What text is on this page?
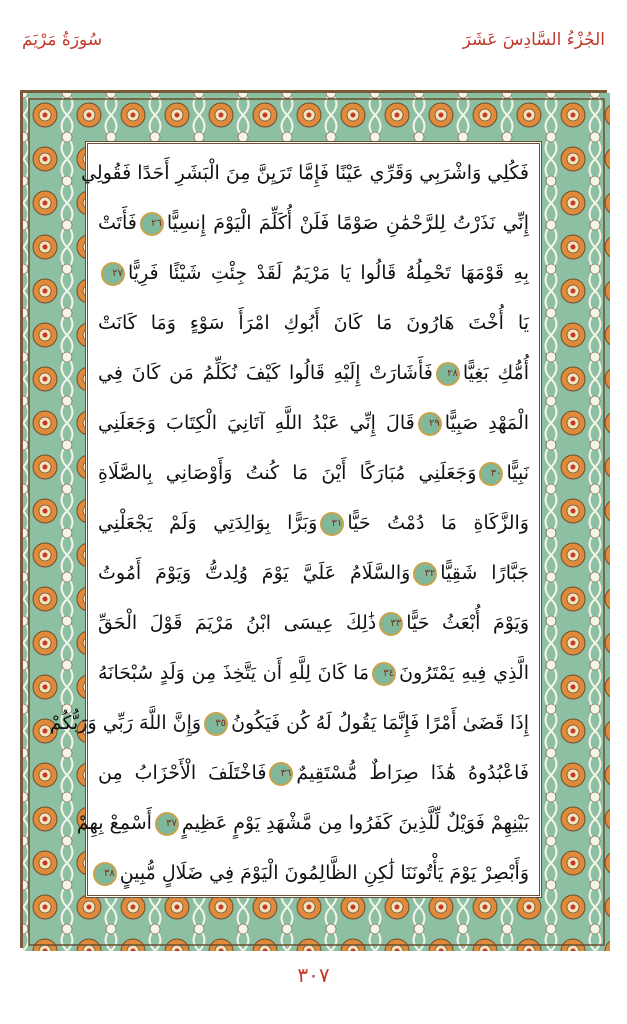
الجُزْءُ السَّادِسَ عَشَرَ
سُورَةُ مَرْيَمَ
فَكُلِي وَاشْرَبِي وَقَرِّي عَيْنًا فَإِمَّا تَرَيِنَّ مِنَ الْبَشَرِ أَحَدًا فَقُولِي
إِنِّي نَذَرْتُ لِلرَّحْمَٰنِ صَوْمًا فَلَنْ أُكَلِّمَ الْيَوْمَ إِنسِيًّا٢٦فَأَتَتْ
بِهِ قَوْمَهَا تَحْمِلُهُ قَالُوا يَا مَرْيَمُ لَقَدْ جِئْتِ شَيْئًا فَرِيًّا٢٧
يَا أُخْتَ هَارُونَ مَا كَانَ أَبُوكِ امْرَأَ سَوْءٍ وَمَا كَانَتْ
أُمُّكِ بَغِيًّا٢٨فَأَشَارَتْ إِلَيْهِ قَالُوا كَيْفَ نُكَلِّمُ مَن كَانَ فِي
الْمَهْدِ صَبِيًّا٢٩قَالَ إِنِّي عَبْدُ اللَّهِ آتَانِيَ الْكِتَابَ وَجَعَلَنِي
نَبِيًّا٣٠وَجَعَلَنِي مُبَارَكًا أَيْنَ مَا كُنتُ وَأَوْصَانِي بِالصَّلَاةِ
وَالزَّكَاةِ مَا دُمْتُ حَيًّا٣١وَبَرًّا بِوَالِدَتِي وَلَمْ يَجْعَلْنِي
جَبَّارًا شَقِيًّا٣٢وَالسَّلَامُ عَلَيَّ يَوْمَ وُلِدتُّ وَيَوْمَ أَمُوتُ
وَيَوْمَ أُبْعَثُ حَيًّا٣٣ذَٰلِكَ عِيسَى ابْنُ مَرْيَمَ قَوْلَ الْحَقِّ
الَّذِي فِيهِ يَمْتَرُونَ٣٤مَا كَانَ لِلَّهِ أَن يَتَّخِذَ مِن وَلَدٍ سُبْحَانَهُ
إِذَا قَضَىٰ أَمْرًا فَإِنَّمَا يَقُولُ لَهُ كُن فَيَكُونُ٣٥وَإِنَّ اللَّهَ رَبِّي وَرَبُّكُمْ
فَاعْبُدُوهُ هَٰذَا صِرَاطٌ مُّسْتَقِيمٌ٣٦فَاخْتَلَفَ الْأَحْزَابُ مِن
بَيْنِهِمْ فَوَيْلٌ لِّلَّذِينَ كَفَرُوا مِن مَّشْهَدِ يَوْمٍ عَظِيمٍ٣٧أَسْمِعْ بِهِمْ
وَأَبْصِرْ يَوْمَ يَأْتُونَنَا لَٰكِنِ الظَّالِمُونَ الْيَوْمَ فِي ضَلَالٍ مُّبِينٍ٣٨
٣٠٧
